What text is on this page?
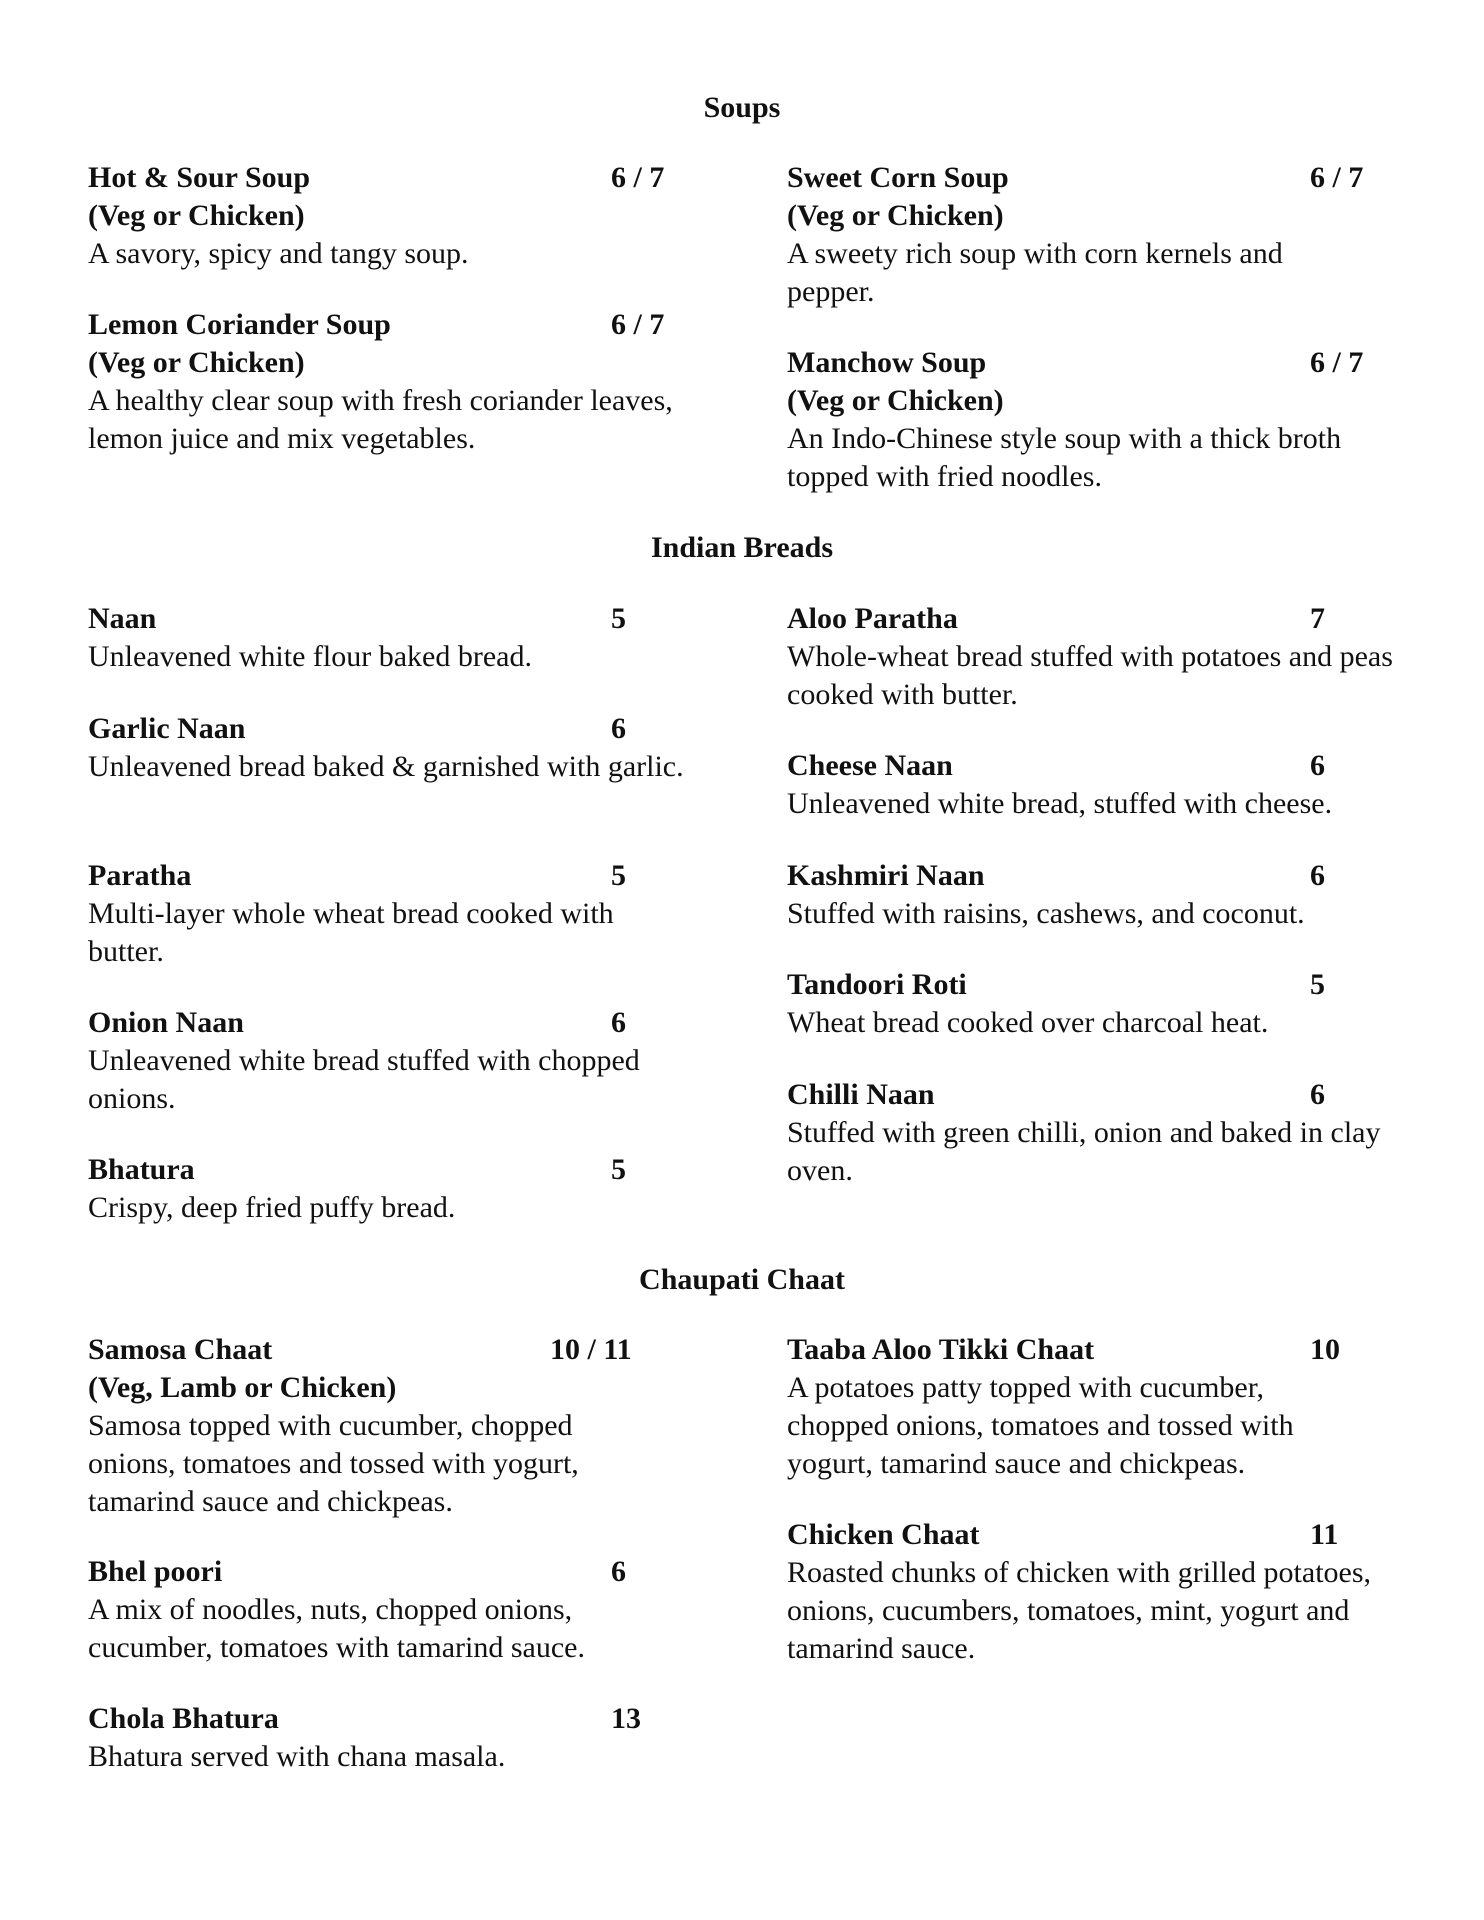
Soups
Hot & Sour Soup	6 / 7
(Veg or Chicken)
A savory, spicy and tangy soup.
Lemon Coriander Soup	6 / 7
(Veg or Chicken)
A healthy clear soup with fresh coriander leaves, lemon juice and mix vegetables.
Sweet Corn Soup	6 / 7
(Veg or Chicken)
A sweety rich soup with corn kernels and pepper.
Manchow Soup	6 / 7
(Veg or Chicken)
An Indo-Chinese style soup with a thick broth topped with fried noodles.
Indian Breads
Naan	5
Unleavened white flour baked bread.
Garlic Naan	6
Unleavened bread baked & garnished with garlic.
Paratha	5
Multi-layer whole wheat bread cooked with butter.
Onion Naan	6
Unleavened white bread stuffed with chopped onions.
Bhatura	5
Crispy, deep fried puffy bread.
Aloo Paratha	7
Whole-wheat bread stuffed with potatoes and peas cooked with butter.
Cheese Naan	6
Unleavened white bread, stuffed with cheese.
Kashmiri Naan	6
Stuffed with raisins, cashews, and coconut.
Tandoori Roti	5
Wheat bread cooked over charcoal heat.
Chilli Naan	6
Stuffed with green chilli, onion and baked in clay oven.
Chaupati Chaat
Samosa Chaat	10 / 11
(Veg, Lamb or Chicken)
Samosa topped with cucumber, chopped onions, tomatoes and tossed with yogurt, tamarind sauce and chickpeas.
Bhel poori	6
A mix of noodles, nuts, chopped onions, cucumber, tomatoes with tamarind sauce.
Chola Bhatura	13
Bhatura served with chana masala.
Taaba Aloo Tikki Chaat	10
A potatoes patty topped with cucumber, chopped onions, tomatoes and tossed with yogurt, tamarind sauce and chickpeas.
Chicken Chaat	11
Roasted chunks of chicken with grilled potatoes, onions, cucumbers, tomatoes, mint, yogurt and tamarind sauce.
